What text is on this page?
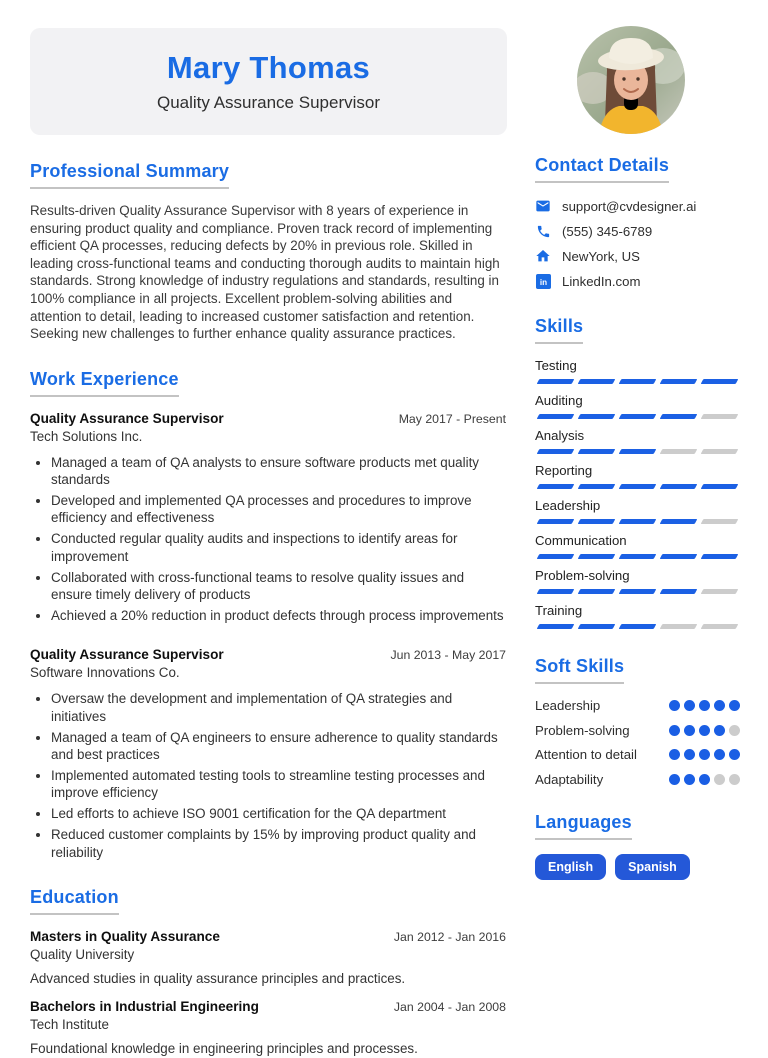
Mary Thomas
Quality Assurance Supervisor
Professional Summary

Results-driven Quality Assurance Supervisor with 8 years of experience in ensuring product quality and compliance. Proven track record of implementing efficient QA processes, reducing defects by 20% in previous role. Skilled in leading cross-functional teams and conducting thorough audits to maintain high standards. Strong knowledge of industry regulations and standards, resulting in 100% compliance in all projects. Excellent problem-solving abilities and attention to detail, leading to increased customer satisfaction and retention. Seeking new challenges to further enhance quality assurance practices.

Work Experience
Quality Assurance Supervisor	May 2017 - Present
Tech Solutions Inc.
• Managed a team of QA analysts to ensure software products met quality standards
• Developed and implemented QA processes and procedures to improve efficiency and effectiveness
• Conducted regular quality audits and inspections to identify areas for improvement
• Collaborated with cross-functional teams to resolve quality issues and ensure timely delivery of products
• Achieved a 20% reduction in product defects through process improvements
Quality Assurance Supervisor	Jun 2013 - May 2017
Software Innovations Co.
• Oversaw the development and implementation of QA strategies and initiatives
• Managed a team of QA engineers to ensure adherence to quality standards and best practices
• Implemented automated testing tools to streamline testing processes and improve efficiency
• Led efforts to achieve ISO 9001 certification for the QA department
• Reduced customer complaints by 15% by improving product quality and reliability
Education
Masters in Quality Assurance	Jan 2012 - Jan 2016
Quality University
Advanced studies in quality assurance principles and practices.
Bachelors in Industrial Engineering	Jan 2004 - Jan 2008
Tech Institute
Foundational knowledge in engineering principles and processes.
Contact Details
support@cvdesigner.ai
(555) 345-6789
NewYork, US
in LinkedIn.com
Skills
Testing
Auditing
Analysis
Reporting
Leadership
Communication
Problem-solving
Training
Soft Skills
Leadership
Problem-solving
Attention to detail
Adaptability
Languages
English	Spanish
